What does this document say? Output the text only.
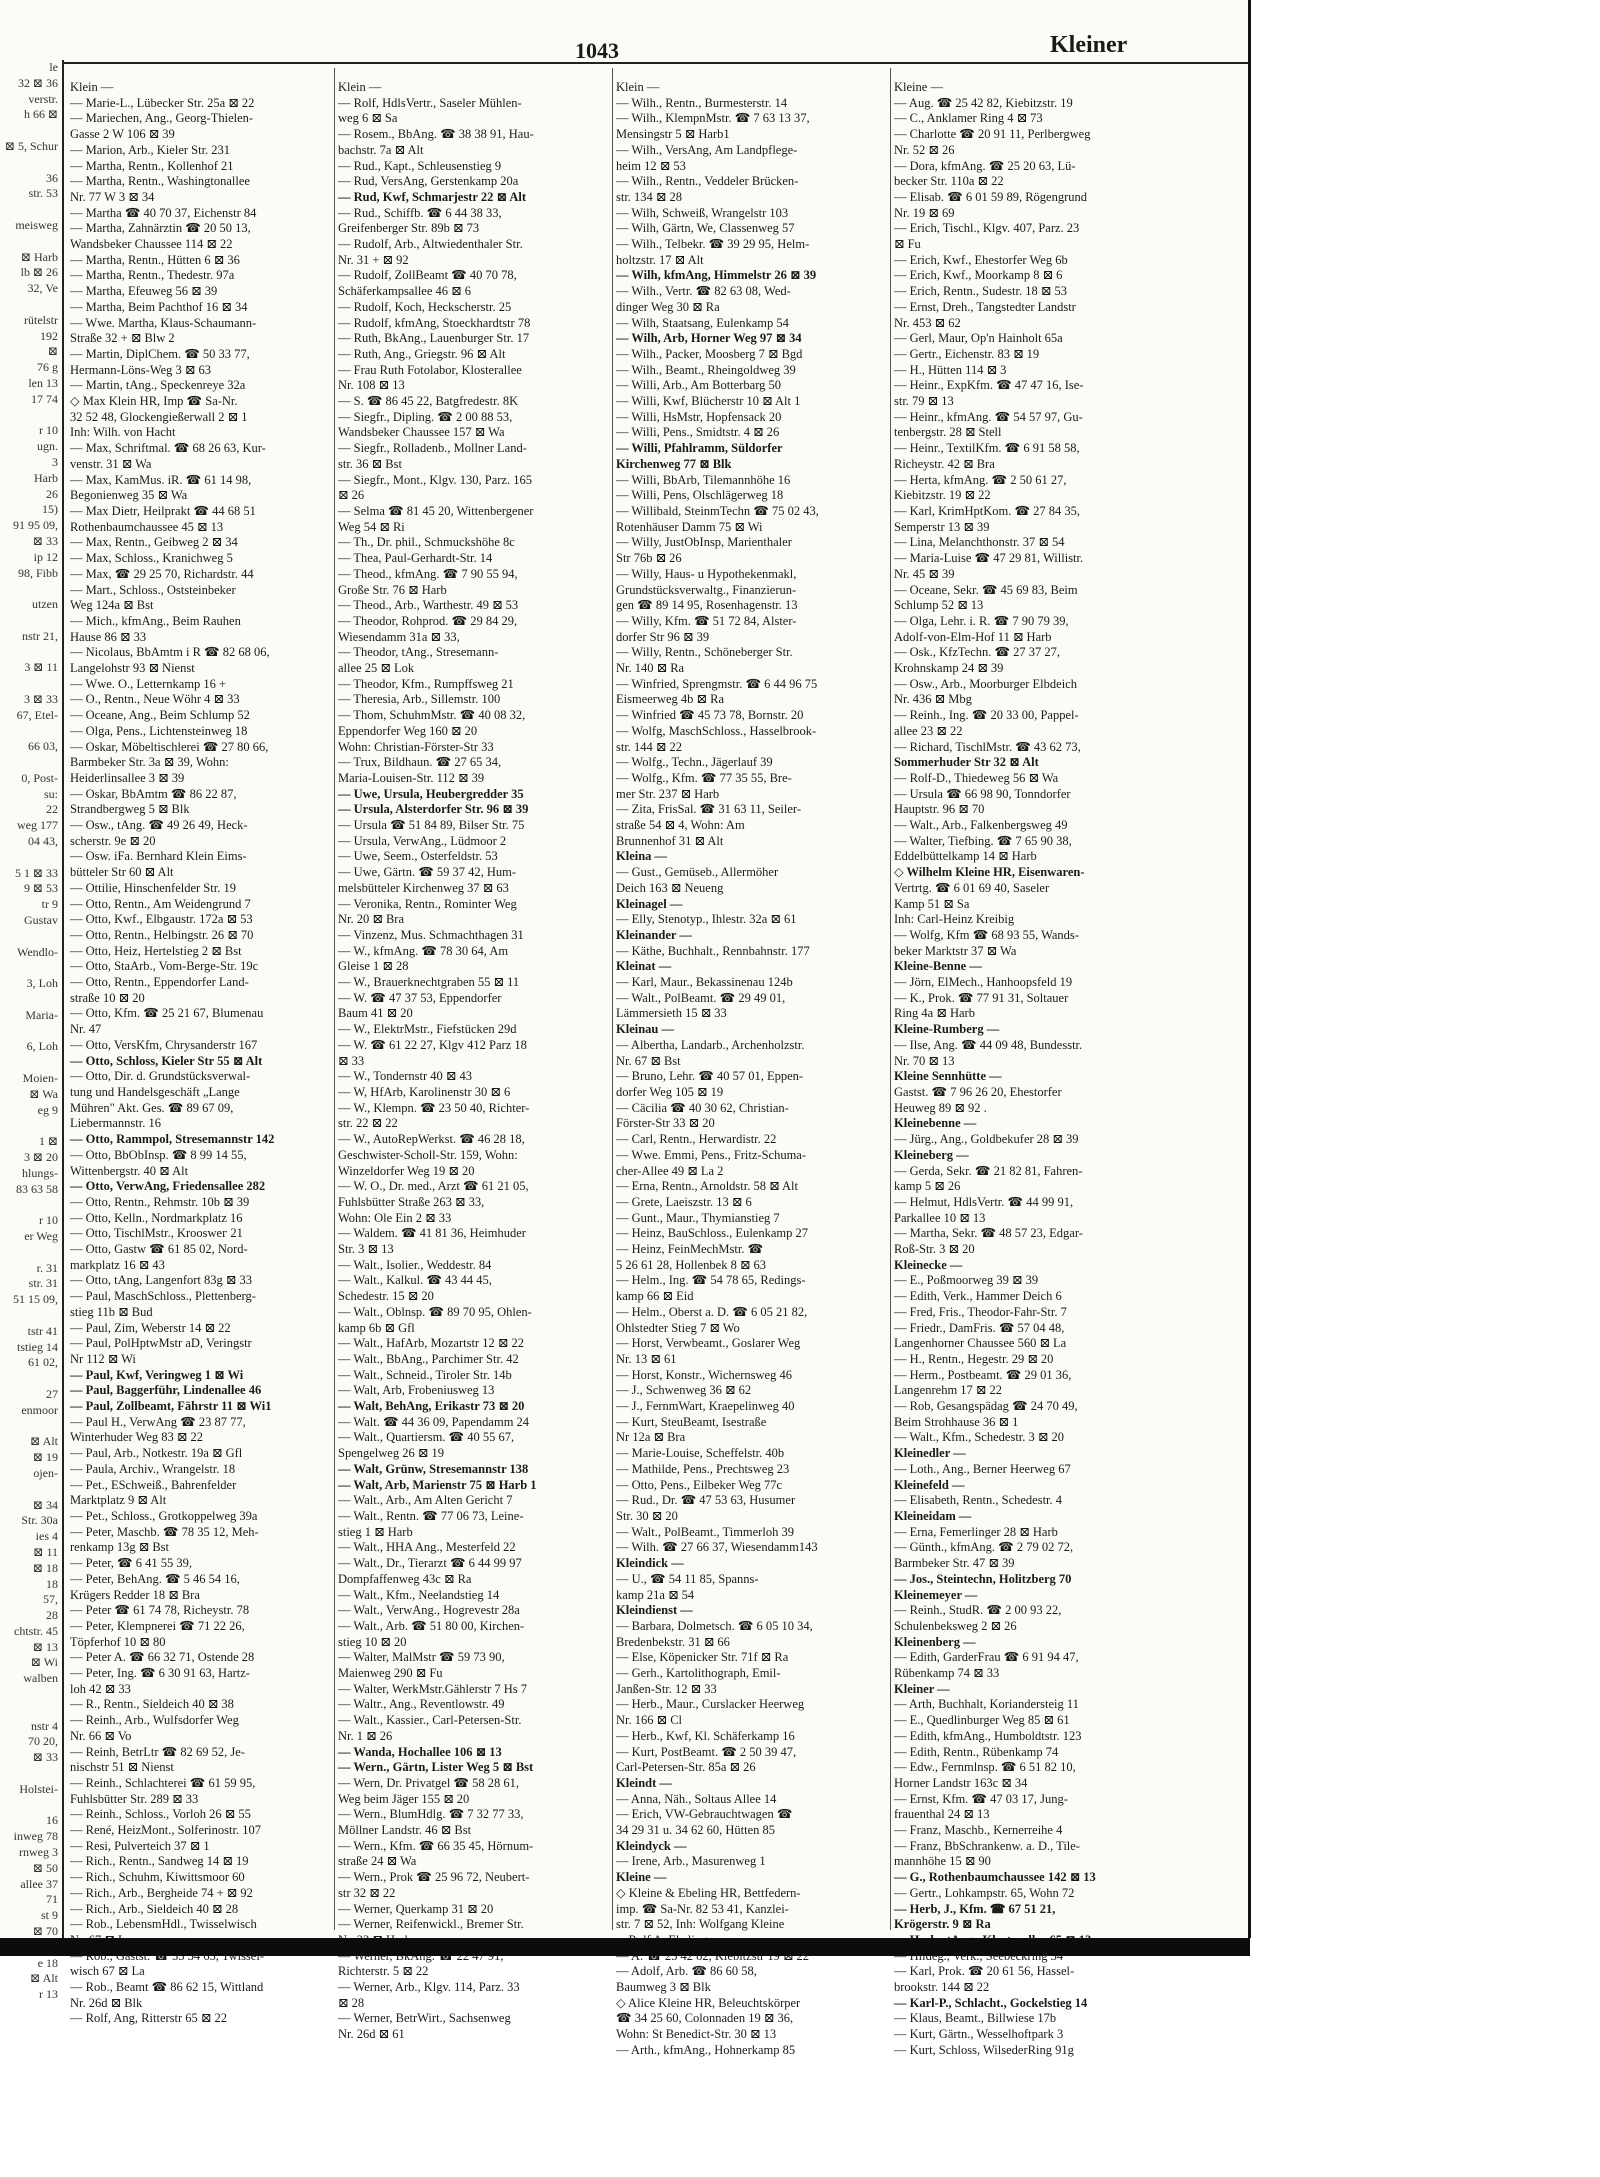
le
32 ⊠ 36
verstr.
h 66 ⊠

⊠ 5, Schur

36
str. 53

meisweg

⊠ Harb
lb ⊠ 26
32, Ve

rütelstr
192
⊠
76 g
len 13
17 74

r 10
ugn.
3
Harb
26
15)
91 95 09,
⊠ 33
ip 12
98, Fibb

utzen

nstr 21,

3 ⊠ 11

3 ⊠ 33
67, Etel-

66 03,

0, Post-
su:
22
weg 177
04 43,

5 1 ⊠ 33
9 ⊠ 53
tr 9
Gustav

Wendlo-

3, Loh

Maria-

6, Loh

Moien-
⊠ Wa
eg 9

1 ⊠
3 ⊠ 20
hlungs-
83 63 58

r 10
er Weg

r. 31
str. 31
51 15 09,

tstr 41
tstieg 14
61 02,

27
enmoor

⊠ Alt
⊠ 19
ojen-

⊠ 34
Str. 30a
ies 4
⊠ 11
⊠ 18
18
57,
28
chtstr. 45
⊠ 13
⊠ Wi
walben

nstr 4
70 20,
⊠ 33

Holstei-

16
inweg 78
rnweg 3
⊠ 50
allee 37
71
st 9
⊠ 70

e 18
⊠ Alt
r 13
1043	Kleiner
Klein —
— Marie-L., Lübecker Str. 25a ⊠ 22
— Mariechen, Ang., Georg-Thielen-
Gasse 2 W 106 ⊠ 39
— Marion, Arb., Kieler Str. 231
— Martha, Rentn., Kollenhof 21
— Martha, Rentn., Washingtonallee
Nr. 77 W 3 ⊠ 34
— Martha ☎ 40 70 37, Eichenstr 84
— Martha, Zahnärztin ☎ 20 50 13,
Wandsbeker Chaussee 114 ⊠ 22
— Martha, Rentn., Hütten 6 ⊠ 36
— Martha, Rentn., Thedestr. 97a
— Martha, Efeuweg 56 ⊠ 39
— Martha, Beim Pachthof 16 ⊠ 34
— Wwe. Martha, Klaus-Schaumann-
Straße 32 + ⊠ Blw 2
— Martin, DiplChem. ☎ 50 33 77,
Hermann-Löns-Weg 3 ⊠ 63
— Martin, tAng., Speckenreye 32a
◇ Max Klein HR, Imp ☎ Sa-Nr.
32 52 48, Glockengießerwall 2 ⊠ 1
Inh: Wilh. von Hacht
— Max, Schriftmal. ☎ 68 26 63, Kur-
venstr. 31 ⊠ Wa
— Max, KamMus. iR. ☎ 61 14 98,
Begonienweg 35 ⊠ Wa
— Max Dietr, Heilprakt ☎ 44 68 51
Rothenbaumchaussee 45 ⊠ 13
— Max, Rentn., Geibweg 2 ⊠ 34
— Max, Schloss., Kranichweg 5
— Max, ☎ 29 25 70, Richardstr. 44
— Mart., Schloss., Oststeinbeker
Weg 124a ⊠ Bst
— Mich., kfmAng., Beim Rauhen
Hause 86 ⊠ 33
— Nicolaus, BbAmtm i R ☎ 82 68 06,
Langelohstr 93 ⊠ Nienst
— Wwe. O., Letternkamp 16 +
— O., Rentn., Neue Wöhr 4 ⊠ 33
— Oceane, Ang., Beim Schlump 52
— Olga, Pens., Lichtensteinweg 18
— Oskar, Möbeltischlerei ☎ 27 80 66,
Barmbeker Str. 3a ⊠ 39, Wohn:
Heiderlinsallee 3 ⊠ 39
— Oskar, BbAmtm ☎ 86 22 87,
Strandbergweg 5 ⊠ Blk
— Osw., tAng. ☎ 49 26 49, Heck-
scherstr. 9e ⊠ 20
— Osw. iFa. Bernhard Klein Eims-
bütteler Str 60 ⊠ Alt
— Ottilie, Hinschenfelder Str. 19
— Otto, Rentn., Am Weidengrund 7
— Otto, Kwf., Elbgaustr. 172a ⊠ 53
— Otto, Rentn., Helbingstr. 26 ⊠ 70
— Otto, Heiz, Hertelstieg 2 ⊠ Bst
— Otto, StaArb., Vom-Berge-Str. 19c
— Otto, Rentn., Eppendorfer Land-
straße 10 ⊠ 20
— Otto, Kfm. ☎ 25 21 67, Blumenau
Nr. 47
— Otto, VersKfm, Chrysanderstr 167
— Otto, Schloss, Kieler Str 55 ⊠ Alt
— Otto, Dir. d. Grundstücksverwal-
tung und Handelsgeschäft „Lange
Mühren" Akt. Ges. ☎ 89 67 09,
Liebermannstr. 16
— Otto, Rammpol, Stresemannstr 142
— Otto, BbObInsp. ☎ 8 99 14 55,
Wittenbergstr. 40 ⊠ Alt
— Otto, VerwAng, Friedensallee 282
— Otto, Rentn., Rehmstr. 10b ⊠ 39
— Otto, Kelln., Nordmarkplatz 16
— Otto, TischlMstr., Krooswег 21
— Otto, Gastw ☎ 61 85 02, Nord-
markplatz 16 ⊠ 43
— Otto, tAng, Langenfort 83g ⊠ 33
— Paul, MaschSchloss., Plettenberg-
stieg 11b ⊠ Bud
— Paul, Zim, Weberstr 14 ⊠ 22
— Paul, PolHptwMstr aD, Veringstr
Nr 112 ⊠ Wi
— Paul, Kwf, Veringweg 1 ⊠ Wi
— Paul, Baggerführ, Lindenallee 46
— Paul, Zollbeamt, Fährstr 11 ⊠ Wi1
— Paul H., VerwAng ☎ 23 87 77,
Winterhuder Weg 83 ⊠ 22
— Paul, Arb., Notkestr. 19a ⊠ Gfl
— Paula, Archiv., Wrangelstr. 18
— Pet., ESchweiß., Bahrenfelder
Marktplatz 9 ⊠ Alt
— Pet., Schloss., Grotkoppelweg 39a
— Peter, Maschb. ☎ 78 35 12, Meh-
renkamp 13g ⊠ Bst
— Peter, ☎ 6 41 55 39,
— Peter, BehAng. ☎ 5 46 54 16,
Krügers Redder 18 ⊠ Bra
— Peter ☎ 61 74 78, Richeystr. 78
— Peter, Klempnerei ☎ 71 22 26,
Töpferhof 10 ⊠ 80
— Peter A. ☎ 66 32 71, Ostende 28
— Peter, Ing. ☎ 6 30 91 63, Hartz-
loh 42 ⊠ 33
— R., Rentn., Sieldeich 40 ⊠ 38
— Reinh., Arb., Wulfsdorfer Weg
Nr. 66 ⊠ Vo
— Reinh, BetrLtr ☎ 82 69 52, Je-
nischstr 51 ⊠ Nienst
— Reinh., Schlachterei ☎ 61 59 95,
Fuhlsbütter Str. 289 ⊠ 33
— Reinh., Schloss., Vorloh 26 ⊠ 55
— René, HeizMont., Solferinostr. 107
— Resi, Pulverteich 37 ⊠ 1
— Rich., Rentn., Sandweg 14 ⊠ 19
— Rich., Schuhm, Kiwittsmoor 60
— Rich., Arb., Bergheide 74 + ⊠ 92
— Rich., Arb., Sieldeich 40 ⊠ 28
— Rob., LebensmHdl., Twisselwisch
wisch 67 ⊠ La
— Rob., Beamt ☎ 86 62 15, Wittland
Nr. 26d ⊠ Blk
— Rolf, Ang, Ritterstr 65 ⊠ 22
Klein —
— Rolf, HdlsVertr., Saseler Mühlen-
weg 6 ⊠ Sa
— Rosem., BbAng. ☎ 38 38 91, Hau-
bachstr. 7a ⊠ Alt
— Rud., Kapt., Schleusenstieg 9
— Rud, VersAng, Gerstenkamp 20a
— Rud, Kwf, Schmarjestr 22 ⊠ Alt
— Rud., Schiffb. ☎ 6 44 38 33,
Greifenberger Str. 89b ⊠ 73
— Rudolf, Arb., Altwiedenthaler Str.
Nr. 31 + ⊠ 92
— Rudolf, ZollBeamt ☎ 40 70 78,
Schäferkampsallee 46 ⊠ 6
— Rudolf, Koch, Heckscherstr. 25
— Rudolf, kfmAng, Stoeckhardtstr 78
— Ruth, BkAng., Lauenburger Str. 17
— Ruth, Ang., Griegstr. 96 ⊠ Alt
— Frau Ruth Fotolabor, Klosterallee
Nr. 108 ⊠ 13
— S. ☎ 86 45 22, Batgfredestr. 8K
— Siegfr., Dipling. ☎ 2 00 88 53,
Wandsbeker Chaussee 157 ⊠ Wa
— Siegfr., Rolladenb., Mollner Land-
str. 36 ⊠ Bst
— Siegfr., Mont., Klgv. 130, Parz. 165
⊠ 26
— Selma ☎ 81 45 20, Wittenbergener
Weg 54 ⊠ Ri
— Th., Dr. phil., Schmuckshöhe 8c
— Thea, Paul-Gerhardt-Str. 14
— Theod., kfmAng. ☎ 7 90 55 94,
Große Str. 76 ⊠ Harb
— Theod., Arb., Warthestr. 49 ⊠ 53
— Theodor, Rohprod. ☎ 29 84 29,
Wiesendamm 31a ⊠ 33,
— Theodor, tAng., Stresemann-
allee 25 ⊠ Lok
— Theodor, Kfm., Rumpffsweg 21
— Theresia, Arb., Sillemstr. 100
— Thom, SchuhmMstr. ☎ 40 08 32,
Eppendorfer Weg 160 ⊠ 20
Wohn: Christian-Förster-Str 33
— Trux, Bildhaun. ☎ 27 65 34,
Maria-Louisen-Str. 112 ⊠ 39
— Uwe, Ursula, Heubergredder 35
— Ursula, Alsterdorfer Str. 96 ⊠ 39
— Ursula ☎ 51 84 89, Bilser Str. 75
— Ursula, VerwAng., Lüdmoor 2
— Uwe, Seem., Osterfeldstr. 53
— Uwe, Gärtn. ☎ 59 37 42, Hum-
melsbütteler Kirchenweg 37 ⊠ 63
— Veronika, Rentn., Rominter Weg
Nr. 20 ⊠ Bra
— Vinzenz, Mus. Schmachthagen 31
— W., kfmAng. ☎ 78 30 64, Am
Gleise 1 ⊠ 28
— W., Brauerknechtgraben 55 ⊠ 11
— W. ☎ 47 37 53, Eppendorfer
Baum 41 ⊠ 20
— W., ElektrMstr., Fiefstücken 29d
— W. ☎ 61 22 27, Klgv 412 Parz 18
⊠ 33
— W., Tondernstr 40 ⊠ 43
— W, HfArb, Karolinenstr 30 ⊠ 6
— W., Klempn. ☎ 23 50 40, Richter-
str. 22 ⊠ 22
— W., AutoRepWerkst. ☎ 46 28 18,
Geschwister-Scholl-Str. 159, Wohn:
Winzeldorfer Weg 19 ⊠ 20
— W. O., Dr. med., Arzt ☎ 61 21 05,
Fuhlsbütter Straße 263 ⊠ 33,
Wohn: Ole Ein 2 ⊠ 33
— Waldem. ☎ 41 81 36, Heimhuder
Str. 3 ⊠ 13
— Walt., Isolier., Weddestr. 84
— Walt., Kalkul. ☎ 43 44 45,
Schedestr. 15 ⊠ 20
— Walt., Oblnsp. ☎ 89 70 95, Ohlen-
kamp 6b ⊠ Gfl
— Walt., HafArb, Mozartstr 12 ⊠ 22
— Walt., BbAng., Parchimer Str. 42
— Walt., Schneid., Tiroler Str. 14b
— Walt, Arb, Frobeniusweg 13
— Walt, BehAng, Erikastr 73 ⊠ 20
— Walt. ☎ 44 36 09, Papendamm 24
— Walt., Quartiersm. ☎ 40 55 67,
Spengelweg 26 ⊠ 19
— Walt, Grünw, Stresemannstr 138
— Walt, Arb, Marienstr 75 ⊠ Harb 1
— Walt., Arb., Am Alten Gericht 7
— Walt., Rentn. ☎ 77 06 73, Leine-
stieg 1 ⊠ Harb
— Walt., HHA Ang., Mesterfeld 22
— Walt., Dr., Tierarzt ☎ 6 44 99 97
Dompfaffenweg 43c ⊠ Ra
— Walt., Kfm., Neelandstieg 14
— Walt., VerwAng., Hogrevestr 28a
— Walt., Arb. ☎ 51 80 00, Kirchen-
stieg 10 ⊠ 20
— Walter, MalMstr ☎ 59 73 90,
Maienweg 290 ⊠ Fu
— Walter, WerkMstr.Gählerstr 7 Hs 7
— Waltr., Ang., Reventlowstr. 49
— Walt., Kassier., Carl-Petersen-Str.
Nr. 1 ⊠ 26
— Wanda, Hochallee 106 ⊠ 13
— Wern., Gärtn, Lister Weg 5 ⊠ Bst
— Wern, Dr. Privatgel ☎ 58 28 61,
Weg beim Jäger 155 ⊠ 20
— Wern., BlumHdlg. ☎ 7 32 77 33,
Möllner Landstr. 46 ⊠ Bst
— Wern., Kfm. ☎ 66 35 45, Hörnum-
straße 24 ⊠ Wa
— Wern., Prok ☎ 25 96 72, Neubert-
str 32 ⊠ 22
— Werner, Querkamp 31 ⊠ 20
— Werner, Reifenwickl., Bremer Str.
Richterstr. 5 ⊠ 22
— Werner, Arb., Klgv. 114, Parz. 33
⊠ 28
— Werner, BetrWirt., Sachsenweg
Nr. 26d ⊠ 61
Klein —
— Wilh., Rentn., Burmesterstr. 14
— Wilh., KlempnMstr. ☎ 7 63 13 37,
Mensingstr 5 ⊠ Harb1
— Wilh., VersAng, Am Landpflege-
heim 12 ⊠ 53
— Wilh., Rentn., Veddeler Brücken-
str. 134 ⊠ 28
— Wilh, Schweiß, Wrangelstr 103
— Wilh, Gärtn, We, Classenweg 57
— Wilh., Telbekr. ☎ 39 29 95, Helm-
holtzstr. 17 ⊠ Alt
— Wilh, kfmAng, Himmelstr 26 ⊠ 39
— Wilh., Vertr. ☎ 82 63 08, Wed-
dinger Weg 30 ⊠ Ra
— Wilh, Staatsang, Eulenkamp 54
— Wilh, Arb, Horner Weg 97 ⊠ 34
— Wilh., Packer, Moosberg 7 ⊠ Bgd
— Wilh., Beamt., Rheingoldweg 39
— Willi, Arb., Am Botterbarg 50
— Willi, Kwf, Blücherstr 10 ⊠ Alt 1
— Willi, HsMstr, Hopfensack 20
— Willi, Pens., Smidtstr. 4 ⊠ 26
— Willi, Pfahlramm, Süldorfer
Kirchenweg 77 ⊠ Blk
— Willi, BbArb, Tilemannhöhe 16
— Willi, Pens, Olschlägerweg 18
— Willibald, SteinmTechn ☎ 75 02 43,
Rotenhäuser Damm 75 ⊠ Wi
— Willy, JustObInsp, Marienthaler
Str 76b ⊠ 26
— Willy, Haus- u Hypothekenmakl,
Grundstücksverwaltg., Finanzierun-
gen ☎ 89 14 95, Rosenhagenstr. 13
— Willy, Kfm. ☎ 51 72 84, Alster-
dorfer Str 96 ⊠ 39
— Willy, Rentn., Schöneberger Str.
Nr. 140 ⊠ Ra
— Winfried, Sprengmstr. ☎ 6 44 96 75
Eismeerweg 4b ⊠ Ra
— Winfried ☎ 45 73 78, Bornstr. 20
— Wolfg, MaschSchloss., Hasselbrook-
str. 144 ⊠ 22
— Wolfg., Techn., Jägerlauf 39
— Wolfg., Kfm. ☎ 77 35 55, Bre-
mer Str. 237 ⊠ Harb
— Zita, FrisSal. ☎ 31 63 11, Seiler-
straße 54 ⊠ 4, Wohn: Am
Brunnenhof 31 ⊠ Alt
Kleina —
— Gust., Gemüseb., Allermöher
Deich 163 ⊠ Neueng
Kleinagel —
— Elly, Stenotyp., Ihlestr. 32a ⊠ 61
Kleinander —
— Käthe, Buchhalt., Rennbahnstr. 177
Kleinat —
— Karl, Maur., Bekassinenau 124b
— Walt., PolBeamt. ☎ 29 49 01,
Lämmersieth 15 ⊠ 33
Kleinau —
— Albertha, Landarb., Archenholzstr.
Nr. 67 ⊠ Bst
— Bruno, Lehr. ☎ 40 57 01, Eppen-
dorfer Weg 105 ⊠ 19
— Cäcilia ☎ 40 30 62, Christian-
Förster-Str 33 ⊠ 20
— Carl, Rentn., Herwardistr. 22
— Wwe. Emmi, Pens., Fritz-Schuma-
cher-Allee 49 ⊠ La 2
— Erna, Rentn., Arnoldstr. 58 ⊠ Alt
— Grete, Laeiszstr. 13 ⊠ 6
— Gunt., Maur., Thymianstieg 7
— Heinz, BauSchloss., Eulenkamp 27
— Heinz, FeinMechMstr. ☎
5 26 61 28, Hollenbek 8 ⊠ 63
— Helm., Ing. ☎ 54 78 65, Redings-
kamp 66 ⊠ Eid
— Helm., Oberst a. D. ☎ 6 05 21 82,
Ohlstedter Stieg 7 ⊠ Wo
— Horst, Verwbeamt., Goslarer Weg
Nr. 13 ⊠ 61
— Horst, Konstr., Wichernsweg 46
— J., Schwenweg 36 ⊠ 62
— J., FernmWart, Kraepelinweg 40
— Kurt, SteuBeamt, Isestraße
Nr 12a ⊠ Bra
— Marie-Louise, Scheffelstr. 40b
— Mathilde, Pens., Prechtsweg 23
— Otto, Pens., Eilbeker Weg 77c
— Rud., Dr. ☎ 47 53 63, Husumer
Str. 30 ⊠ 20
— Walt., PolBeamt., Timmerloh 39
— Wilh. ☎ 27 66 37, Wiesendamm143
Kleindick —
— U., ☎ 54 11 85, Spanns-
kamp 21a ⊠ 54
Kleindienst —
— Barbara, Dolmetsch. ☎ 6 05 10 34,
Bredenbekstr. 31 ⊠ 66
— Else, Köpenicker Str. 71f ⊠ Ra
— Gerh., Kartolithograph, Emil-
Janßen-Str. 12 ⊠ 33
— Herb., Maur., Curslacker Heerweg
Nr. 166 ⊠ Cl
— Herb., Kwf, Kl. Schäferkamp 16
— Kurt, PostBeamt. ☎ 2 50 39 47,
Carl-Petersen-Str. 85a ⊠ 26
Kleindt —
— Anna, Näh., Soltaus Allee 14
— Erich, VW-Gebrauchtwagen ☎
34 29 31 u. 34 62 60, Hütten 85
Kleindyck —
— Irene, Arb., Masurenweg 1
Kleine —
◇ Kleine & Ebeling HR, Bettfedern-
imp. ☎ Sa-Nr. 82 53 41, Kanzlei-
str. 7 ⊠ 52, Inh: Wolfgang Kleine
— Adolf, Arb. ☎ 86 60 58,
Baumweg 3 ⊠ Blk
◇ Alice Kleine HR, Beleuchtskörper
☎ 34 25 60, Colonnaden 19 ⊠ 36,
Wohn: St Benedict-Str. 30 ⊠ 13
— Arth., kfmAng., Hohnerkamp 85
Kleine —
— Aug. ☎ 25 42 82, Kiebitzstr. 19
— C., Anklamer Ring 4 ⊠ 73
— Charlotte ☎ 20 91 11, Perlbergweg
Nr. 52 ⊠ 26
— Dora, kfmAng. ☎ 25 20 63, Lü-
becker Str. 110a ⊠ 22
— Elisab. ☎ 6 01 59 89, Rögengrund
Nr. 19 ⊠ 69
— Erich, Tischl., Klgv. 407, Parz. 23
⊠ Fu
— Erich, Kwf., Ehestorfer Weg 6b
— Erich, Kwf., Moorkamp 8 ⊠ 6
— Erich, Rentn., Sudestr. 18 ⊠ 53
— Ernst, Dreh., Tangstedter Landstr
Nr. 453 ⊠ 62
— Gerl, Maur, Op'n Hainholt 65a
— Gertr., Eichenstr. 83 ⊠ 19
— H., Hütten 114 ⊠ 3
— Heinr., ExpKfm. ☎ 47 47 16, Ise-
str. 79 ⊠ 13
— Heinr., kfmAng. ☎ 54 57 97, Gu-
tenbergstr. 28 ⊠ Stell
— Heinr., TextilKfm. ☎ 6 91 58 58,
Richeystr. 42 ⊠ Bra
— Herta, kfmAng. ☎ 2 50 61 27,
Kiebitzstr. 19 ⊠ 22
— Karl, KrimHptKom. ☎ 27 84 35,
Semperstr 13 ⊠ 39
— Lina, Melanchthonstr. 37 ⊠ 54
— Maria-Luise ☎ 47 29 81, Willistr.
Nr. 45 ⊠ 39
— Oceane, Sekr. ☎ 45 69 83, Beim
Schlump 52 ⊠ 13
— Olga, Lehr. i. R. ☎ 7 90 79 39,
Adolf-von-Elm-Hof 11 ⊠ Harb
— Osk., KfzTechn. ☎ 27 37 27,
Krohnskamp 24 ⊠ 39
— Osw., Arb., Moorburger Elbdeich
Nr. 436 ⊠ Mbg
— Reinh., Ing. ☎ 20 33 00, Pappel-
allee 23 ⊠ 22
— Richard, TischlMstr. ☎ 43 62 73,
Sommerhuder Str 32 ⊠ Alt
— Rolf-D., Thiedeweg 56 ⊠ Wa
— Ursula ☎ 66 98 90, Tonndorfer
Hauptstr. 96 ⊠ 70
— Walt., Arb., Falkenbergsweg 49
— Walter, Tiefbing. ☎ 7 65 90 38,
Eddelbüttelkamp 14 ⊠ Harb
◇ Wilhelm Kleine HR, Eisenwaren-
Vertrtg. ☎ 6 01 69 40, Saseler
Kamp 51 ⊠ Sa
Inh: Carl-Heinz Kreibig
— Wolfg, Kfm ☎ 68 93 55, Wands-
beker Marktstr 37 ⊠ Wa
Kleine-Benne —
— Jörn, ElMech., Hanhoopsfeld 19
— K., Prok. ☎ 77 91 31, Soltauer
Ring 4a ⊠ Harb
Kleine-Rumberg —
— Ilse, Ang. ☎ 44 09 48, Bundesstr.
Nr. 70 ⊠ 13
Kleine Sennhütte —
Gastst. ☎ 7 96 26 20, Ehestorfer
Heuweg 89 ⊠ 92 .
Kleinebenne —
— Jürg., Ang., Goldbekufer 28 ⊠ 39
Kleineberg —
— Gerda, Sekr. ☎ 21 82 81, Fahren-
kamp 5 ⊠ 26
— Helmut, HdlsVertr. ☎ 44 99 91,
Parkallee 10 ⊠ 13
— Martha, Sekr. ☎ 48 57 23, Edgar-
Roß-Str. 3 ⊠ 20
Kleinecke —
— E., Poßmoorweg 39 ⊠ 39
— Edith, Verk., Hammer Deich 6
— Fred, Fris., Theodor-Fahr-Str. 7
— Friedr., DamFris. ☎ 57 04 48,
Langenhorner Chaussee 560 ⊠ La
— H., Rentn., Hegestr. 29 ⊠ 20
— Herm., Postbeamt. ☎ 29 01 36,
Langenrehm 17 ⊠ 22
— Rob, Gesangspädag ☎ 24 70 49,
Beim Strohhause 36 ⊠ 1
— Walt., Kfm., Schedestr. 3 ⊠ 20
Kleinedler —
— Loth., Ang., Berner Heerweg 67
Kleinefeld —
— Elisabeth, Rentn., Schedestr. 4
Kleineidam —
— Erna, Femerlinger 28 ⊠ Harb
— Günth., kfmAng. ☎ 2 79 02 72,
Barmbeker Str. 47 ⊠ 39
— Jos., Steintechn, Holitzberg 70
Kleinemeyer —
— Reinh., StudR. ☎ 2 00 93 22,
Schulenbeksweg 2 ⊠ 26
Kleinenberg —
— Edith, GarderFrau ☎ 6 91 94 47,
Rübenkamp 74 ⊠ 33
Kleiner —
— Arth, Buchhalt, Koriandersteig 11
— E., Quedlinburger Weg 85 ⊠ 61
— Edith, kfmAng., Humboldtstr. 123
— Edith, Rentn., Rübenkamp 74
— Edw., Fernmlnsp. ☎ 6 51 82 10,
Horner Landstr 163c ⊠ 34
— Ernst, Kfm. ☎ 47 03 17, Jung-
frauenthal 24 ⊠ 13
— Franz, Maschb., Kernerreihe 4
— Franz, BbSchrankenw. a. D., Tile-
mannhöhe 15 ⊠ 90
— G., Rothenbaumchaussee 142 ⊠ 13
— Gertr., Lohkampstr. 65, Wohn 72
— Herb, J., Kfm. ☎ 67 51 21,
Krögerstr. 9 ⊠ Ra
— Karl, Prok. ☎ 20 61 56, Hassel-
brookstr. 144 ⊠ 22
— Karl-P., Schlacht., Gockelstieg 14
— Klaus, Beamt., Billwiese 17b
— Kurt, Gärtn., Wesselhoftpark 3
— Kurt, Schloss, WilsederRing 91g
